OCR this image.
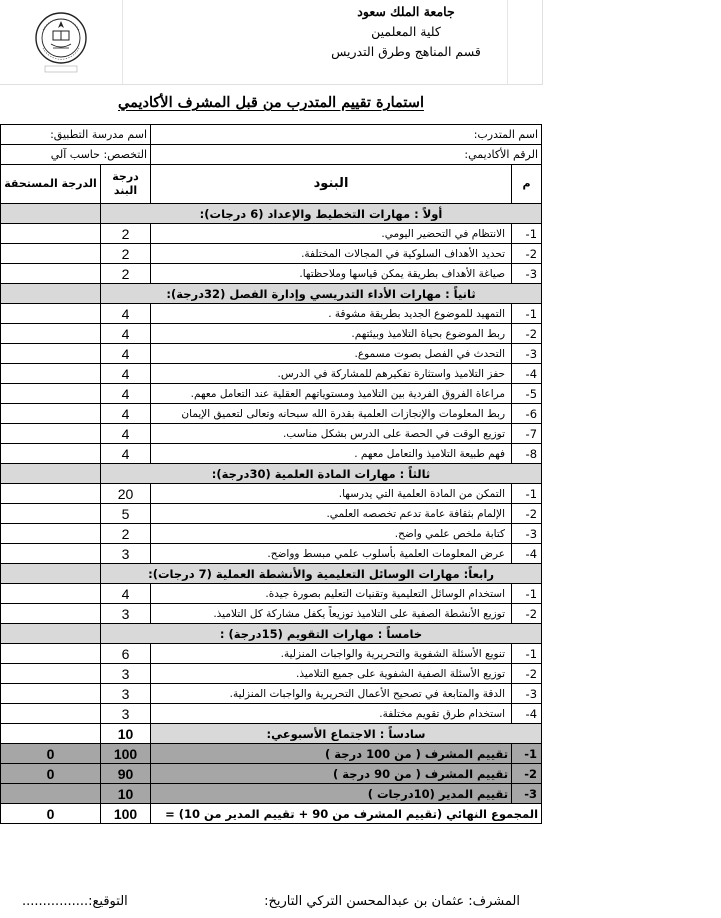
جامعة الملك سعود
كلية المعلمين
قسم المناهج وطرق التدريس
استمارة تقييم المتدرب من قبل المشرف الأكاديمي
اسم المتدرب:		اسم مدرسة التطبيق:	
الرقم الأكاديمي:		التخصص: حاسب آلي	
م	البنود	درجة البند	الدرجة المستحقة
أولاً : مهارات التخطيط والإعداد (6 درجات):			
1-	الانتظام في التحضير اليومي.	2	
2-	تحديد الأهداف السلوكية في المجالات المختلفة.	2	
3-	صياغة الأهداف بطريقة يمكن قياسها وملاحظتها.	2	
ثانياً : مهارات الأداء التدريسي وإدارة الفصل (32درجة):			
1-	التمهيد للموضوع الجديد بطريقة مشوقة .	4	
2-	ربط الموضوع بحياة التلاميذ وبيئتهم.	4	
3-	التحدث في الفصل بصوت مسموع.	4	
4-	حفز التلاميذ واستثارة تفكيرهم للمشاركة في الدرس.	4	
5-	مراعاة الفروق الفردية بين التلاميذ ومستوياتهم العقلية عند التعامل معهم.	4	
6-	ربط المعلومات والإنجازات العلمية بقدرة الله سبحانه وتعالى لتعميق الإيمان	4	
7-	توزيع الوقت في الحصة على الدرس بشكل مناسب.	4	
8-	فهم طبيعة التلاميذ والتعامل معهم .	4	
ثالثاً : مهارات المادة العلمية (30درجة):			
1-	التمكن من المادة العلمية التي يدرسها.	20	
2-	الإلمام بثقافة عامة تدعم تخصصه العلمي.	5	
3-	كتابة ملخص علمي واضح.	2	
4-	عرض المعلومات العلمية بأسلوب علمي مبسط وواضح.	3	
رابعاً: مهارات الوسائل التعليمية والأنشطة العملية (7 درجات):			
1-	استخدام الوسائل التعليمية وتقنيات التعليم بصورة جيدة.	4	
2-	توزيع الأنشطة الصفية على التلاميذ توزيعاً يكفل مشاركة كل التلاميذ.	3	
خامساً : مهارات التقويم (15درجة) :			
1-	تنويع الأسئلة الشفوية والتحريرية والواجبات المنزلية.	6	
2-	توزيع الأسئلة الصفية الشفوية على جميع التلاميذ.	3	
3-	الدقة والمتابعة في تصحيح الأعمال التحريرية والواجبات المنزلية.	3	
4-	استخدام طرق تقويم مختلفة.	3	
سادساً : الاجتماع الأسبوعي:		10	
1-	تقييم المشرف ( من 100 درجة )	100	0
2-	تقييم المشرف ( من 90 درجة )	90	0
3-	تقييم المدير (10درجات )	10	
المجموع النهائي (تقييم المشرف من 90 + تقييم المدير من 10) =		100	0
المشرف: عثمان بن عبدالمحسن التركي التاريخ:
التوقيع:................
